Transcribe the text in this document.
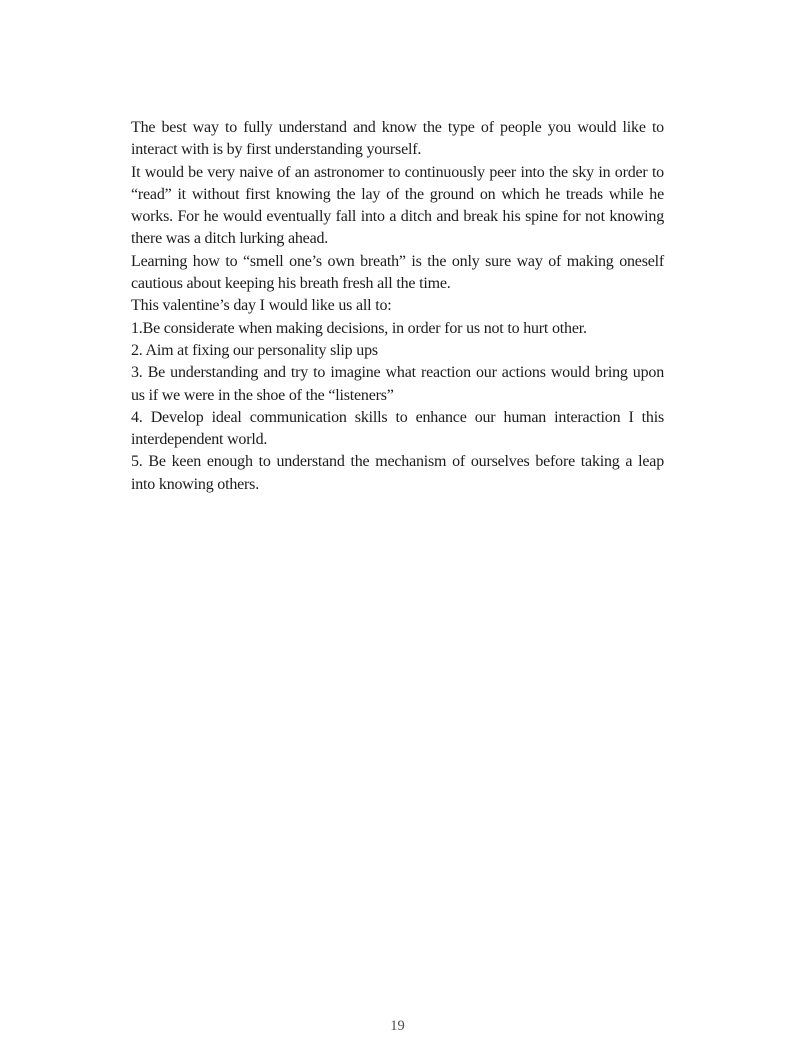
The best way to fully understand and know the type of people you would like to interact with is by first understanding yourself.

It would be very naive of an astronomer to continuously peer into the sky in order to “read” it without first knowing the lay of the ground on which he treads while he works. For he would eventually fall into a ditch and break his spine for not knowing there was a ditch lurking ahead.

Learning how to “smell one’s own breath” is the only sure way of making oneself cautious about keeping his breath fresh all the time.

This valentine’s day I would like us all to:

1.Be considerate when making decisions, in order for us not to hurt other.

2. Aim at fixing our personality slip ups

3. Be understanding and try to imagine what reaction our actions would bring upon us if we were in the shoe of the “listeners”

4. Develop ideal communication skills to enhance our human interaction I this interdependent world.

5. Be keen enough to understand the mechanism of ourselves before taking a leap into knowing others.

19
